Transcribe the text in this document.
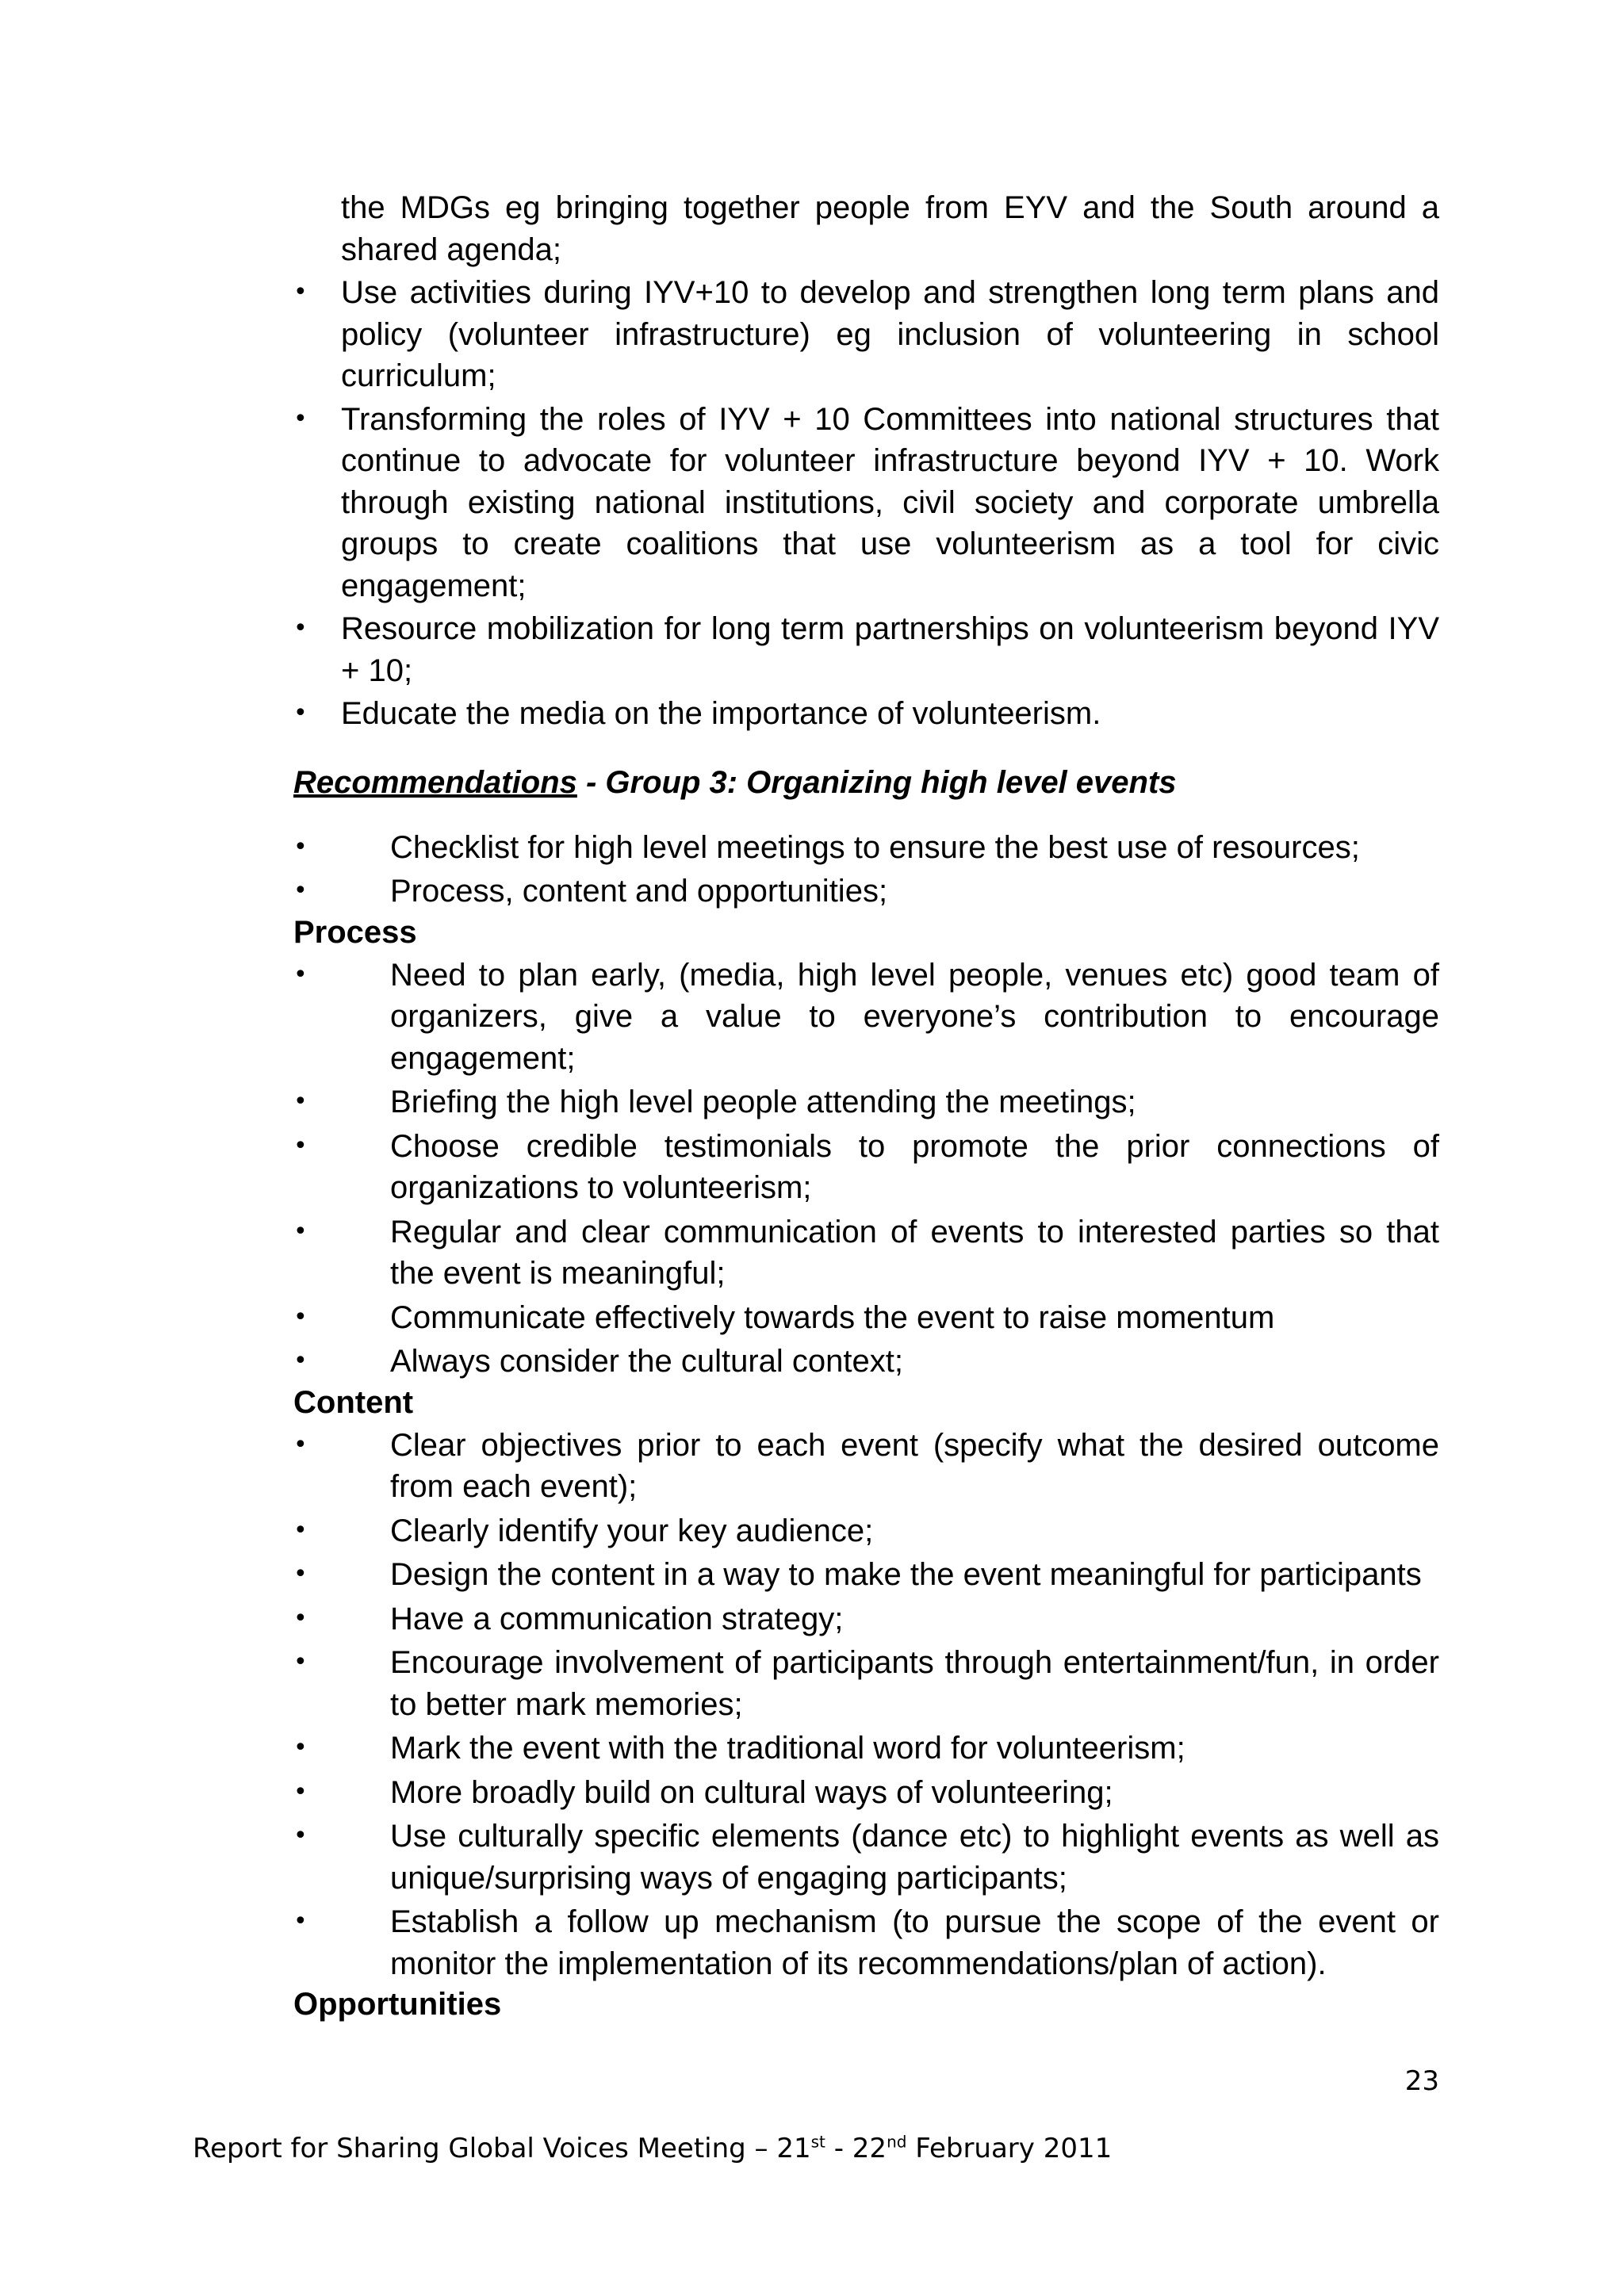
the MDGs eg bringing together people from EYV and the South around a shared agenda;

•	Use activities during IYV+10 to develop and strengthen long term plans and policy (volunteer infrastructure) eg inclusion of volunteering in school curriculum;
•	Transforming the roles of IYV + 10 Committees into national structures that continue to advocate for volunteer infrastructure beyond IYV + 10. Work through existing national institutions, civil society and corporate umbrella groups to create coalitions that use volunteerism as a tool for civic engagement;
•	Resource mobilization for long term partnerships on volunteerism beyond IYV + 10;
•	Educate the media on the importance of volunteerism.
Recommendations - Group 3: Organizing high level events
•	Checklist for high level meetings to ensure the best use of resources;
•	Process, content and opportunities;
Process
•	Need to plan early, (media, high level people, venues etc) good team of organizers, give a value to everyone’s contribution to encourage engagement;
•	Briefing the high level people attending the meetings;
•	Choose credible testimonials to promote the prior connections of organizations to volunteerism;
•	Regular and clear communication of events to interested parties so that the event is meaningful;
•	Communicate effectively towards the event to raise momentum
•	Always consider the cultural context;
Content
•	Clear objectives prior to each event (specify what the desired outcome from each event);
•	Clearly identify your key audience;
•	Design the content in a way to make the event meaningful for participants
•	Have a communication strategy;
•	Encourage involvement of participants through entertainment/fun, in order to better mark memories;
•	Mark the event with the traditional word for volunteerism;
•	More broadly build on cultural ways of volunteering;
•	Use culturally specific elements (dance etc) to highlight events as well as unique/surprising ways of engaging participants;
•	Establish a follow up mechanism (to pursue the scope of the event or monitor the implementation of its recommendations/plan of action).
Opportunities
23
Report for Sharing Global Voices Meeting – 21st - 22nd February 2011
